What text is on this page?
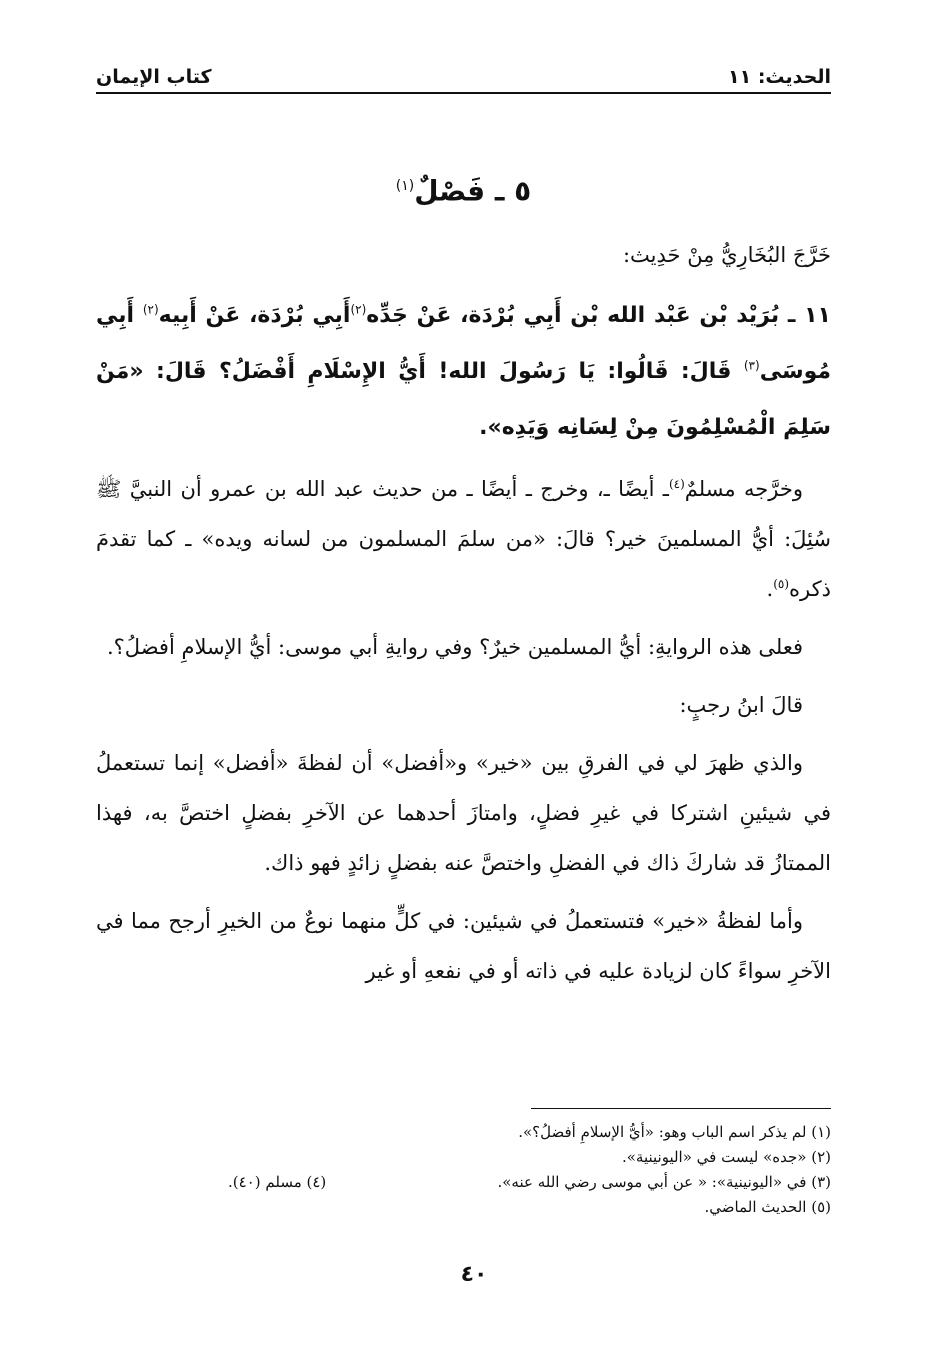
الحديث: ١١
كتاب الإيمان
٥ ـ فَصْلٌ$^{(١)}$

خَرَّجَ البُخَارِيُّ مِنْ حَدِيث:

١١ ـ بُرَيْد بْن عَبْد الله بْن أَبِي بُرْدَة، عَنْ جَدِّه$^{(٢)}$أَبِي بُرْدَة، عَنْ أَبِيه$^{(٢)}$ أَبِي مُوسَى$^{(٣)}$ قَالَ: قَالُوا: يَا رَسُولَ الله! أَيُّ الإِسْلَامِ أَفْضَلُ؟ قَالَ: «مَنْ سَلِمَ الْمُسْلِمُونَ مِنْ لِسَانِه وَيَدِه».

وخرَّجه مسلمٌ$^{(٤)}$ـ أيضًا ـ، وخرج ـ أيضًا ـ من حديث عبد الله بن عمرو أن النبيَّ ﷺ سُئِلَ: أيُّ المسلمينَ خير؟ قالَ: «من سلمَ المسلمون من لسانه ويده» ـ كما تقدمَ ذكره$^{(٥)}$.

فعلى هذه الروايةِ: أيُّ المسلمين خيرٌ؟ وفي روايةِ أبي موسى: أيُّ الإسلامِ أفضلُ؟.

قالَ ابنُ رجبٍ:

والذي ظهرَ لي في الفرقِ بين «خير» و«أفضل» أن لفظةَ «أفضل» إنما تستعملُ في شيئينِ اشتركا في غيرِ فضلٍ، وامتازَ أحدهما عن الآخرِ بفضلٍ اختصَّ به، فهذا الممتازُ قد شاركَ ذاك في الفضلِ واختصَّ عنه بفضلٍ زائدٍ فهو ذاك.

وأما لفظةُ «خير» فتستعملُ في شيئين: في كلٍّ منهما نوعٌ من الخيرِ أرجح مما في الآخرِ سواءً كان لزيادة عليه في ذاته أو في نفعهِ أو غير

(١) لم يذكر اسم الباب وهو: «أيُّ الإسلامِ أفضلُ؟».
(٢) «جده» ليست في «اليونينية».
(٣) في «اليونينية»: « عن أبي موسى رضي الله عنه».
(٤) مسلم (٤٠).
(٥) الحديث الماضي.
٤٠
